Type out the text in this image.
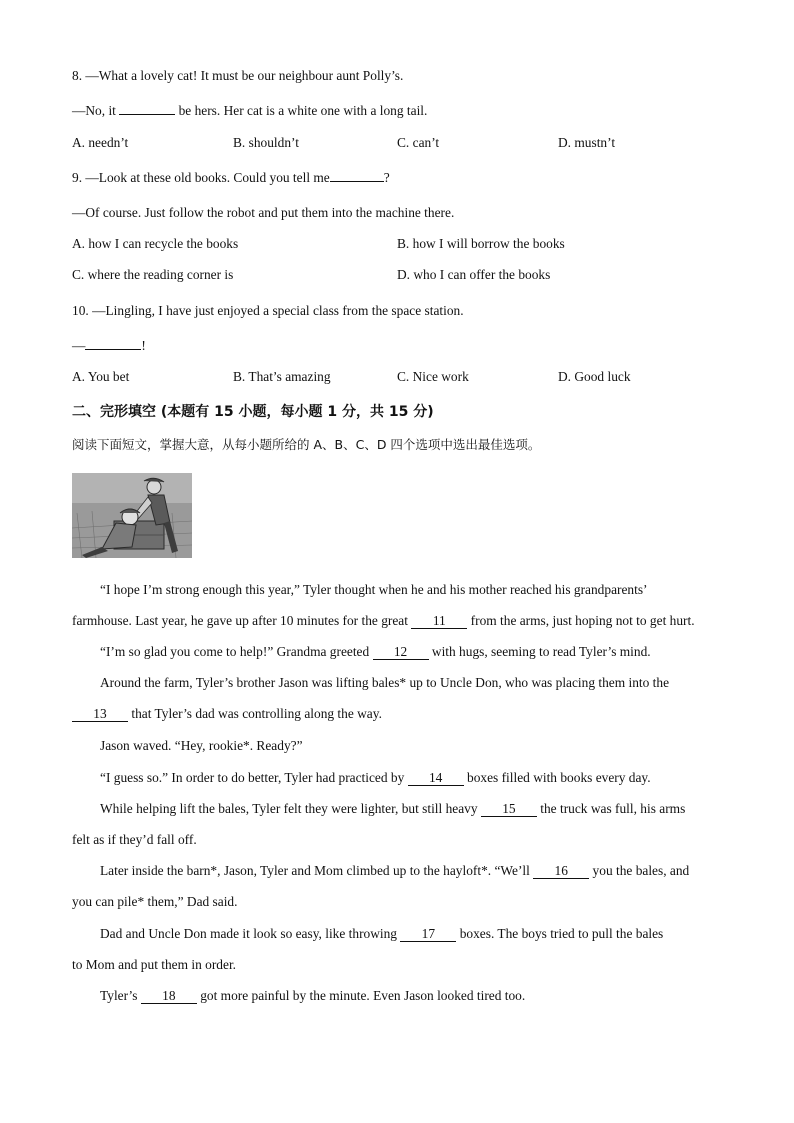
8. —What a lovely cat! It must be our neighbour aunt Polly’s.
—No, it	be hers. Her cat is a white one with a long tail.
A. needn’t	B. shouldn’t	C. can’t	D. mustn’t
9. —Look at these old books. Could you tell me	?
—Of course. Just follow the robot and put them into the machine there.
A. how I can recycle the books	B. how I will borrow the books
C. where the reading corner is	D. who I can offer the books
10. —Lingling, I have just enjoyed a special class from the space station.
—	!
A. You bet	B. That’s amazing	C. Nice work	D. Good luck
二、完形填空 (本题有 15 小题，每小题 1 分，共 15 分)
阅读下面短文，掌握大意，从每小题所给的 A、B、C、D 四个选项中选出最佳选项。
“I hope I’m strong enough this year,” Tyler thought when he and his mother reached his grandparents’
farmhouse. Last year, he gave up after 10 minutes for the great 11 from the arms, just hoping not to get hurt.
“I’m so glad you come to help!” Grandma greeted 12 with hugs, seeming to read Tyler’s mind.
Around the farm, Tyler’s brother Jason was lifting bales* up to Uncle Don, who was placing them into the
13 that Tyler’s dad was controlling along the way.
Jason waved. “Hey, rookie*. Ready?”
“I guess so.” In order to do better, Tyler had practiced by 14 boxes filled with books every day.
While helping lift the bales, Tyler felt they were lighter, but still heavy 15 the truck was full, his arms
felt as if they’d fall off.
Later inside the barn*, Jason, Tyler and Mom climbed up to the hayloft*. “We’ll 16 you the bales, and
you can pile* them,” Dad said.
Dad and Uncle Don made it look so easy, like throwing 17 boxes. The boys tried to pull the bales
to Mom and put them in order.
Tyler’s 18 got more painful by the minute. Even Jason looked tired too.
